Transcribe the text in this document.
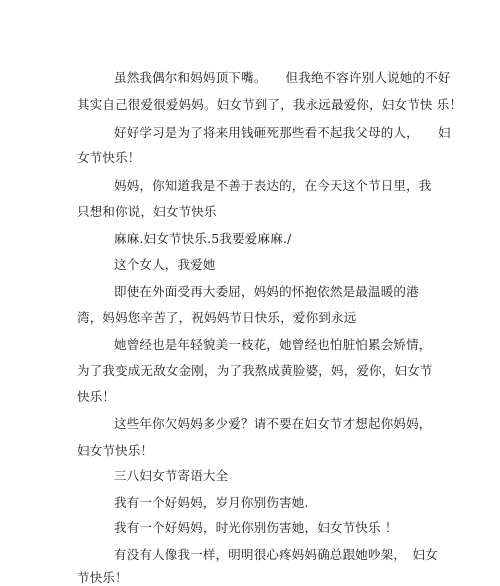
虽然我偶尔和妈妈顶下嘴。　　但我绝不容许别人说她的不好
其实自己很爱很爱妈妈。妇女节到了，我永远最爱你，妇女节快 乐！
好好学习是为了将来用钱砸死那些看不起我父母的人，　　妇
女节快乐！
妈妈，你知道我是不善于表达的，在今天这个节日里，我
只想和你说，妇女节快乐
麻麻.妇女节快乐.5我要爱麻麻./
这个女人，我爱她
即使在外面受再大委屈，妈妈的怀抱依然是最温暖的港
湾，妈妈您辛苦了，祝妈妈节日快乐，爱你到永远
她曾经也是年轻貌美一枝花，她曾经也怕脏怕累会矫情，
为了我变成无敌女金刚，为了我熬成黄脸婆，妈，爱你，妇女节
快乐！
这些年你欠妈妈多少爱？请不要在妇女节才想起你妈妈，
妇女节快乐！
三八妇女节寄语大全
我有一个好妈妈，岁月你别伤害她.
我有一个好妈妈，时光你别伤害她，妇女节快乐 ！
有没有人像我一样，明明很心疼妈妈确总跟她吵架，　妇女
节快乐！
